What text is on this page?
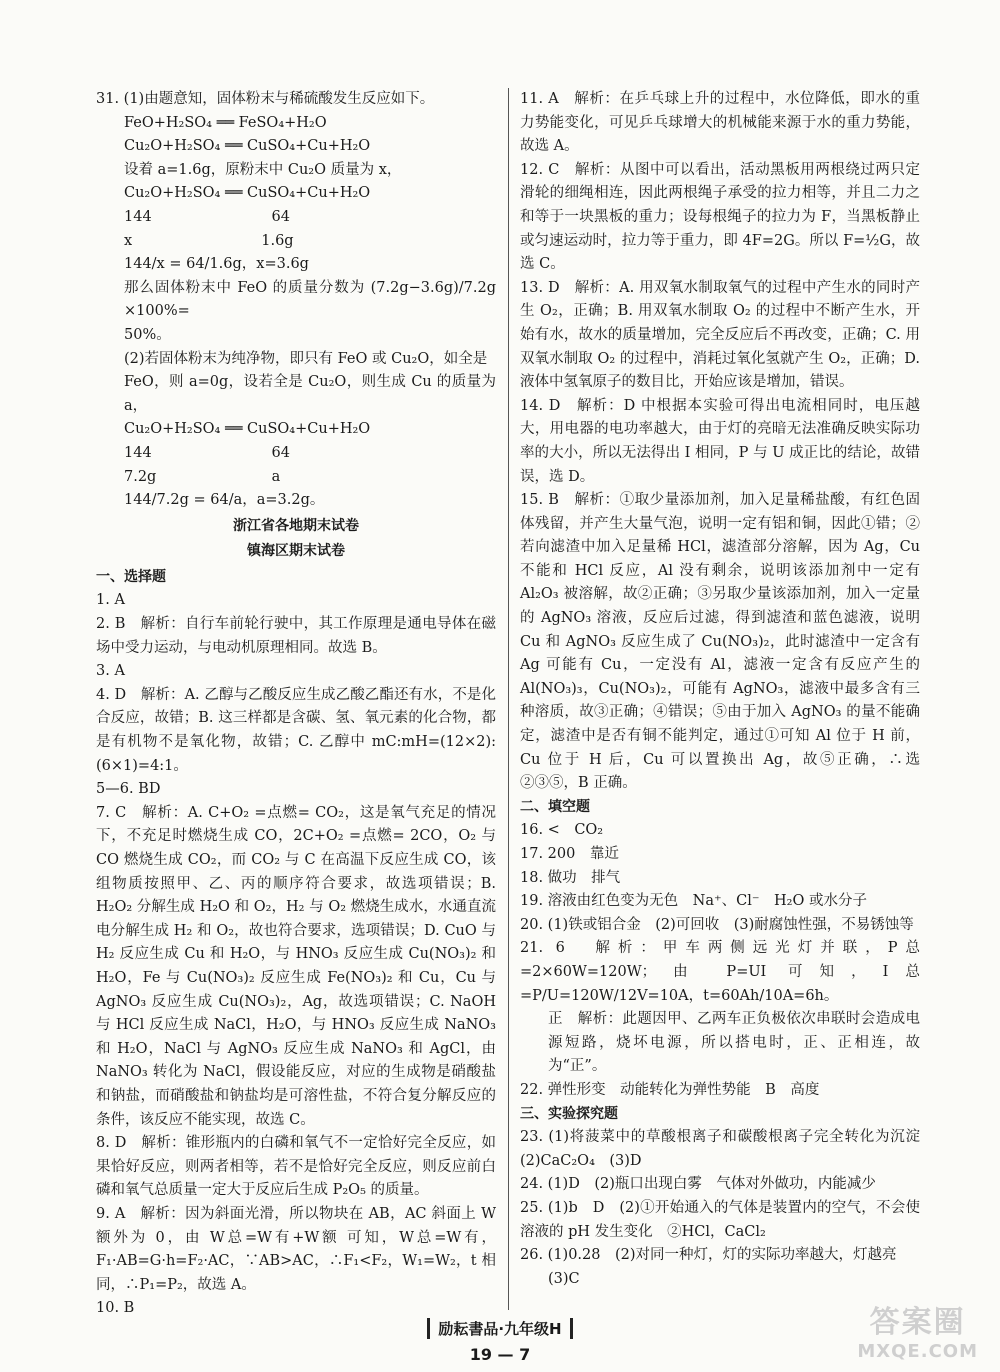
31. (1)由题意知，固体粉末与稀硫酸发生反应如下。

FeO+H₂SO₄ ══ FeSO₄+H₂O

Cu₂O+H₂SO₄ ══ CuSO₄+Cu+H₂O

设着 a=1.6g，原粉末中 Cu₂O 质量为 x，

Cu₂O+H₂SO₄ ══ CuSO₄+Cu+H₂O

144                          64

x                            1.6g

144/x = 64/1.6g，x=3.6g

那么固体粉末中 FeO 的质量分数为 (7.2g−3.6g)/7.2g ×100%=

50%。

(2)若固体粉末为纯净物，即只有 FeO 或 Cu₂O，如全是

FeO，则 a=0g，设若全是 Cu₂O，则生成 Cu 的质量为 a，

Cu₂O+H₂SO₄ ══ CuSO₄+Cu+H₂O

144                          64

7.2g                         a

144/7.2g = 64/a，a=3.2g。

浙江省各地期末试卷

镇海区期末试卷

一、选择题

1. A

2. B　解析：自行车前轮行驶中，其工作原理是通电导体在磁场中受力运动，与电动机原理相同。故选 B。

3. A

4. D　解析：A. 乙醇与乙酸反应生成乙酸乙酯还有水，不是化合反应，故错；B. 这三样都是含碳、氢、氧元素的化合物，都是有机物不是氧化物，故错；C. 乙醇中 mC:mH=(12×2):(6×1)=4:1。

5—6. BD

7. C　解析：A. C+O₂ =点燃= CO₂，这是氧气充足的情况下，不充足时燃烧生成 CO，2C+O₂ =点燃= 2CO，O₂ 与 CO 燃烧生成 CO₂，而 CO₂ 与 C 在高温下反应生成 CO，该组物质按照甲、乙、丙的顺序符合要求，故选项错误；B. H₂O₂ 分解生成 H₂O 和 O₂，H₂ 与 O₂ 燃烧生成水，水通直流电分解生成 H₂ 和 O₂，故也符合要求，选项错误；D. CuO 与 H₂ 反应生成 Cu 和 H₂O，与 HNO₃ 反应生成 Cu(NO₃)₂ 和 H₂O，Fe 与 Cu(NO₃)₂ 反应生成 Fe(NO₃)₂ 和 Cu，Cu 与 AgNO₃ 反应生成 Cu(NO₃)₂，Ag，故选项错误；C. NaOH 与 HCl 反应生成 NaCl，H₂O，与 HNO₃ 反应生成 NaNO₃ 和 H₂O，NaCl 与 AgNO₃ 反应生成 NaNO₃ 和 AgCl，由 NaNO₃ 转化为 NaCl，假设能反应，对应的生成物是硝酸盐和钠盐，而硝酸盐和钠盐均是可溶性盐，不符合复分解反应的条件，该反应不能实现，故选 C。

8. D　解析：锥形瓶内的白磷和氧气不一定恰好完全反应，如果恰好反应，则两者相等，若不是恰好完全反应，则反应前白磷和氧气总质量一定大于反应后生成 P₂O₅ 的质量。

9. A　解析：因为斜面光滑，所以物块在 AB，AC 斜面上 W额外为 0，由 W总=W有+W额 可知，W总=W有，F₁·AB=G·h=F₂·AC，∵AB>AC，∴F₁<F₂，W₁=W₂，t 相同，∴P₁=P₂，故选 A。

10. B

11. A　解析：在乒乓球上升的过程中，水位降低，即水的重力势能变化，可见乒乓球增大的机械能来源于水的重力势能，故选 A。

12. C　解析：从图中可以看出，活动黑板用两根绕过两只定滑轮的细绳相连，因此两根绳子承受的拉力相等，并且二力之和等于一块黑板的重力；设每根绳子的拉力为 F，当黑板静止或匀速运动时，拉力等于重力，即 4F=2G。所以 F=½G，故选 C。

13. D　解析：A. 用双氧水制取氧气的过程中产生水的同时产生 O₂，正确；B. 用双氧水制取 O₂ 的过程中不断产生水，开始有水，故水的质量增加，完全反应后不再改变，正确；C. 用双氧水制取 O₂ 的过程中，消耗过氧化氢就产生 O₂，正确；D. 液体中氢氧原子的数目比，开始应该是增加，错误。

14. D　解析：D 中根据本实验可得出电流相同时，电压越大，用电器的电功率越大，由于灯的亮暗无法准确反映实际功率的大小，所以无法得出 I 相同，P 与 U 成正比的结论，故错误，选 D。

15. B　解析：①取少量添加剂，加入足量稀盐酸，有红色固体残留，并产生大量气泡，说明一定有铝和铜，因此①错；②若向滤渣中加入足量稀 HCl，滤渣部分溶解，因为 Ag，Cu 不能和 HCl 反应，Al 没有剩余，说明该添加剂中一定有 Al₂O₃ 被溶解，故②正确；③另取少量该添加剂，加入一定量的 AgNO₃ 溶液，反应后过滤，得到滤渣和蓝色滤液，说明 Cu 和 AgNO₃ 反应生成了 Cu(NO₃)₂，此时滤渣中一定含有 Ag 可能有 Cu，一定没有 Al，滤液一定含有反应产生的 Al(NO₃)₃，Cu(NO₃)₂，可能有 AgNO₃，滤液中最多含有三种溶质，故③正确；④错误；⑤由于加入 AgNO₃ 的量不能确定，滤渣中是否有铜不能判定，通过①可知 Al 位于 H 前，Cu 位于 H 后，Cu 可以置换出 Ag，故⑤正确，∴选②③⑤，B 正确。

二、填空题

16. <　CO₂

17. 200　靠近

18. 做功　排气

19. 溶液由红色变为无色　Na⁺、Cl⁻　H₂O 或水分子

20. (1)铁或铝合金　(2)可回收　(3)耐腐蚀性强，不易锈蚀等

21. 6　解析：甲车两侧远光灯并联，P总=2×60W=120W；由 P=UI 可知，I总=P/U=120W/12V=10A，t=60Ah/10A=6h。

正　解析：此题因甲、乙两车正负极依次串联时会造成电源短路，烧坏电源，所以搭电时，正、正相连，故为“正”。

22. 弹性形变　动能转化为弹性势能　B　高度

三、实验探究题

23. (1)将菠菜中的草酸根离子和碳酸根离子完全转化为沉淀　(2)CaC₂O₄　(3)D

24. (1)D　(2)瓶口出现白雾　气体对外做功，内能减少

25. (1)b　D　(2)①开始通入的气体是装置内的空气，不会使溶液的 pH 发生变化　②HCl，CaCl₂

26. (1)0.28　(2)对同一种灯，灯的实际功率越大，灯越亮

(3)C

励耘書品·九年级H
19 — 7
答案圈
MXQE.COM
